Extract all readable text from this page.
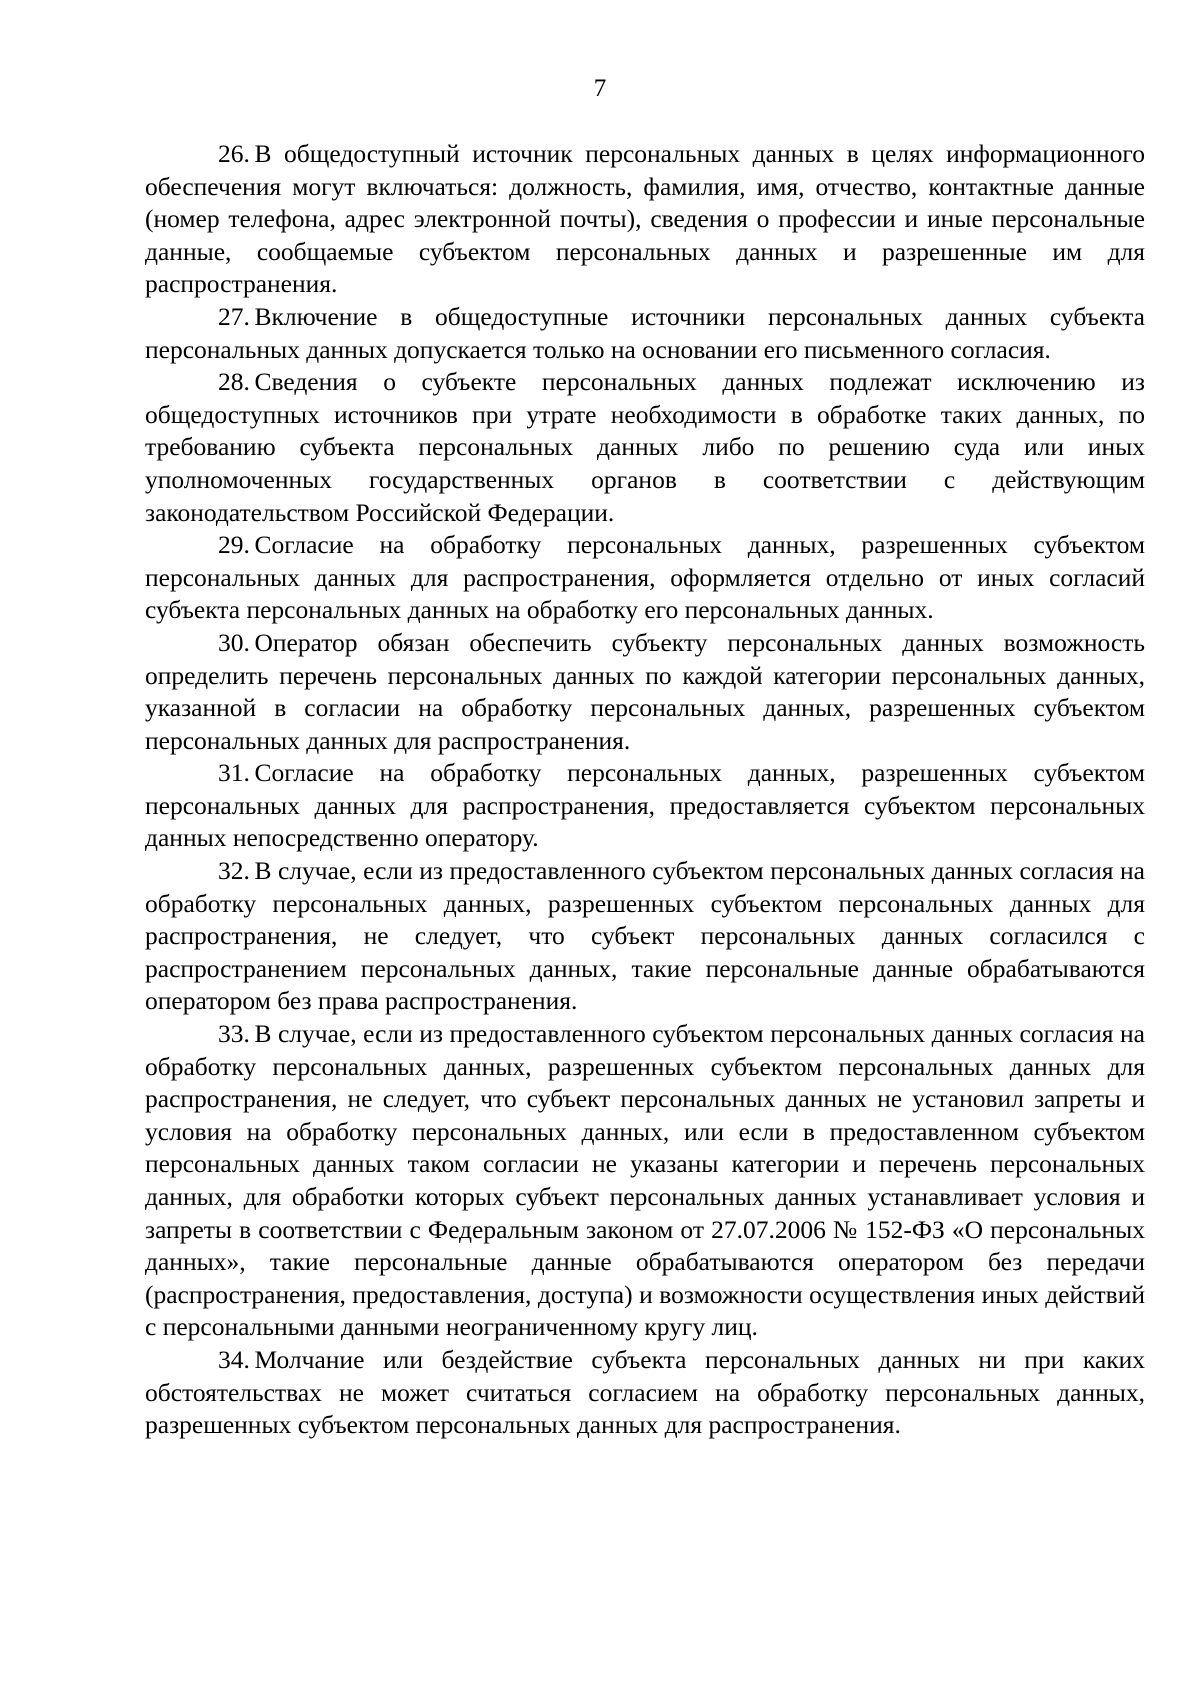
7

26. В общедоступный источник персональных данных в целях информационного обеспечения могут включаться: должность, фамилия, имя, отчество, контактные данные (номер телефона, адрес электронной почты), сведения о профессии и иные персональные данные, сообщаемые субъектом персональных данных и разрешенные им для распространения.

27. Включение в общедоступные источники персональных данных субъекта персональных данных допускается только на основании его письменного согласия.

28. Сведения о субъекте персональных данных подлежат исключению из общедоступных источников при утрате необходимости в обработке таких данных, по требованию субъекта персональных данных либо по решению суда или иных уполномоченных государственных органов в соответствии с действующим законодательством Российской Федерации.

29. Согласие на обработку персональных данных, разрешенных субъектом персональных данных для распространения, оформляется отдельно от иных согласий субъекта персональных данных на обработку его персональных данных.

30. Оператор обязан обеспечить субъекту персональных данных возможность определить перечень персональных данных по каждой категории персональных данных, указанной в согласии на обработку персональных данных, разрешенных субъектом персональных данных для распространения.

31. Согласие на обработку персональных данных, разрешенных субъектом персональных данных для распространения, предоставляется субъектом персональных данных непосредственно оператору.

32. В случае, если из предоставленного субъектом персональных данных согласия на обработку персональных данных, разрешенных субъектом персональных данных для распространения, не следует, что субъект персональных данных согласился с распространением персональных данных, такие персональные данные обрабатываются оператором без права распространения.

33. В случае, если из предоставленного субъектом персональных данных согласия на обработку персональных данных, разрешенных субъектом персональных данных для распространения, не следует, что субъект персональных данных не установил запреты и условия на обработку персональных данных, или если в предоставленном субъектом персональных данных таком согласии не указаны категории и перечень персональных данных, для обработки которых субъект персональных данных устанавливает условия и запреты в соответствии с Федеральным законом от 27.07.2006 № 152-ФЗ «О персональных данных», такие персональные данные обрабатываются оператором без передачи (распространения, предоставления, доступа) и возможности осуществления иных действий с персональными данными неограниченному кругу лиц.

34. Молчание или бездействие субъекта персональных данных ни при каких обстоятельствах не может считаться согласием на обработку персональных данных, разрешенных субъектом персональных данных для распространения.
